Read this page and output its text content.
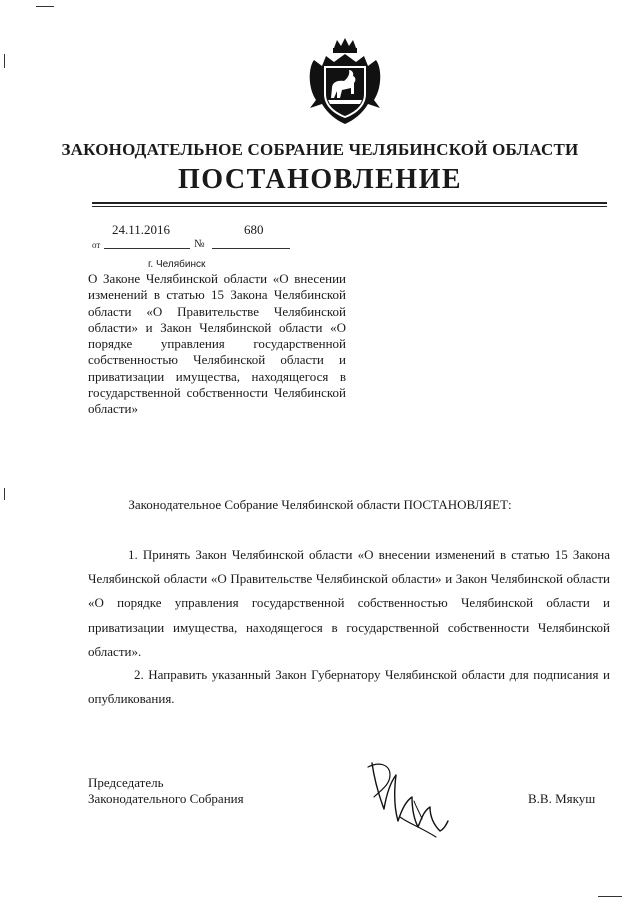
ЗАКОНОДАТЕЛЬНОЕ СОБРАНИЕ ЧЕЛЯБИНСКОЙ ОБЛАСТИ
ПОСТАНОВЛЕНИЕ
24.11.2016	680
от	№
г. Челябинск
О Законе Челябинской области «О внесении изменений в статью 15 Закона Челябинской области «О Правительстве Челябинской области» и Закон Челябинской области «О порядке управления государственной собственностью Челябинской области и приватизации имущества, находящегося в государственной собственности Челябинской области»
Законодательное Собрание Челябинской области ПОСТАНОВЛЯЕТ:
1. Принять Закон Челябинской области «О внесении изменений в статью 15 Закона Челябинской области «О Правительстве Челябинской области» и Закон Челябинской области «О порядке управления государственной собственностью Челябинской области и приватизации имущества, находящегося в государственной собственности Челябинской области».
2. Направить указанный Закон Губернатору Челябинской области для подписания и опубликования.
Председатель
Законодательного Собрания	В.В. Мякуш
